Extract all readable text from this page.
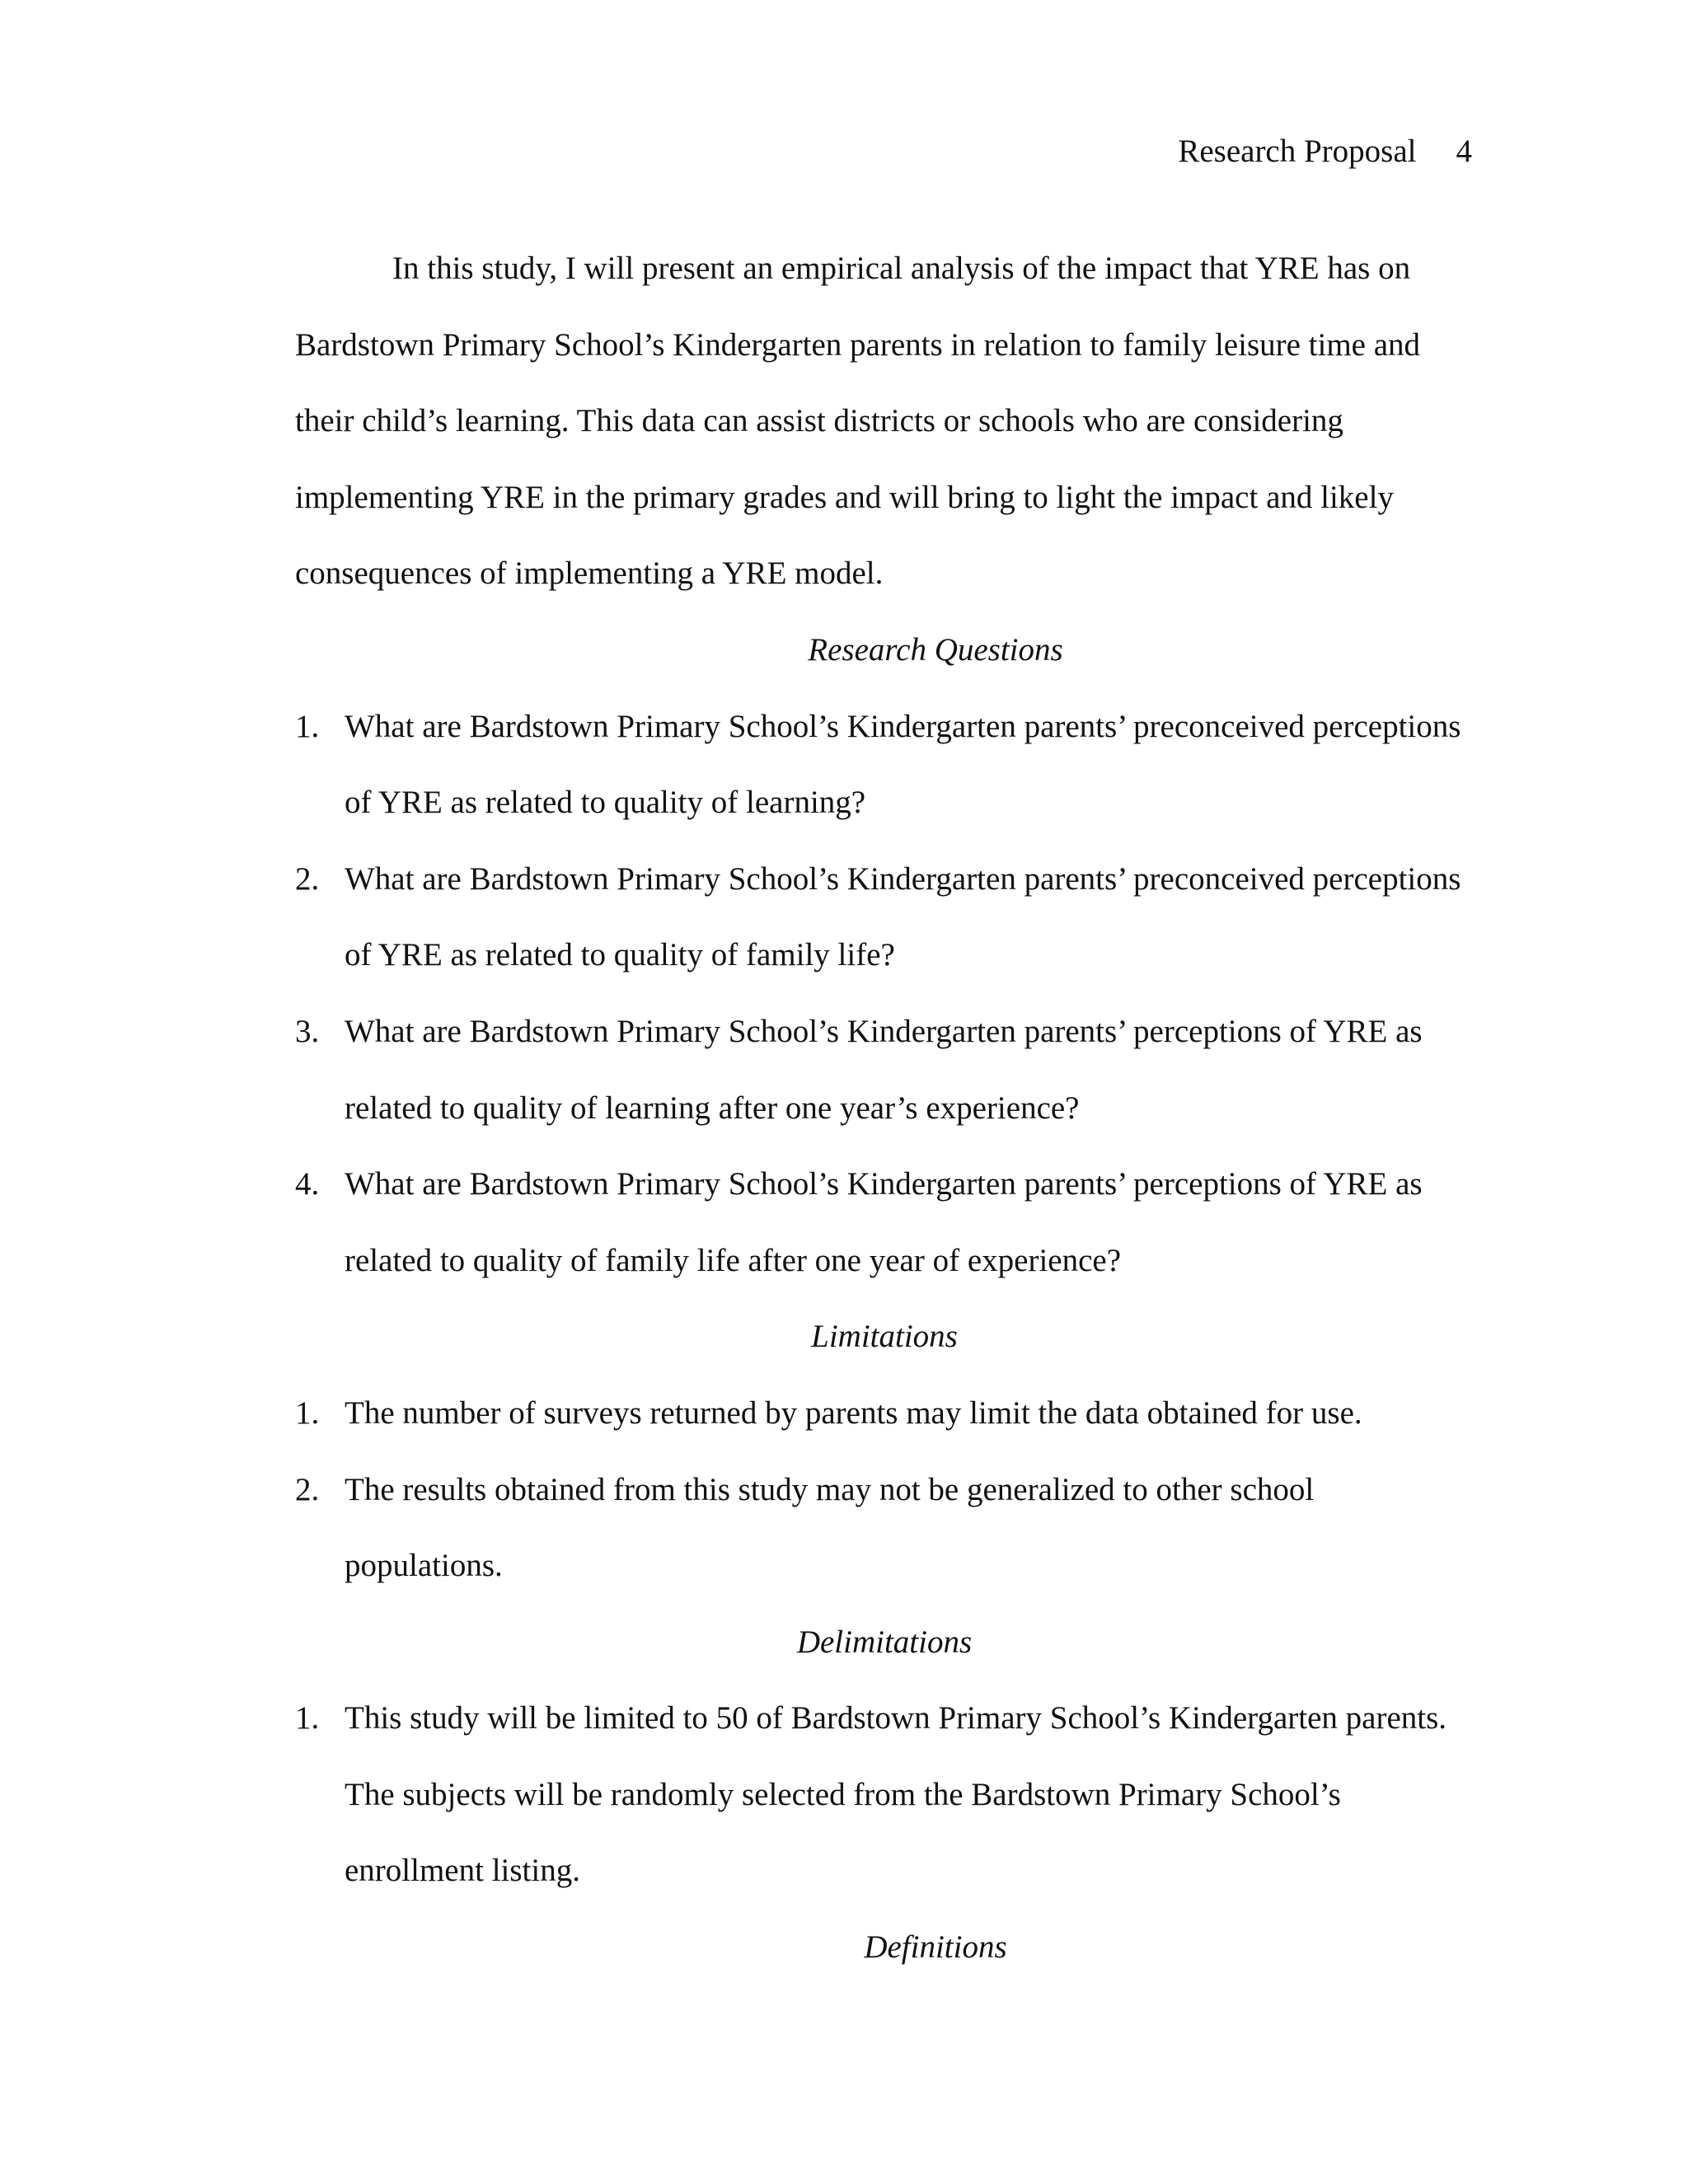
Research Proposal 4

In this study, I will present an empirical analysis of the impact that YRE has on Bardstown Primary School’s Kindergarten parents in relation to family leisure time and their child’s learning. This data can assist districts or schools who are considering implementing YRE in the primary grades and will bring to light the impact and likely consequences of implementing a YRE model.

Research Questions

1. What are Bardstown Primary School’s Kindergarten parents’ preconceived perceptions of YRE as related to quality of learning?
2. What are Bardstown Primary School’s Kindergarten parents’ preconceived perceptions of YRE as related to quality of family life?
3. What are Bardstown Primary School’s Kindergarten parents’ perceptions of YRE as related to quality of learning after one year’s experience?
4. What are Bardstown Primary School’s Kindergarten parents’ perceptions of YRE as related to quality of family life after one year of experience?

Limitations

1. The number of surveys returned by parents may limit the data obtained for use.
2. The results obtained from this study may not be generalized to other school populations.

Delimitations

1. This study will be limited to 50 of Bardstown Primary School’s Kindergarten parents. The subjects will be randomly selected from the Bardstown Primary School’s enrollment listing.

Definitions
